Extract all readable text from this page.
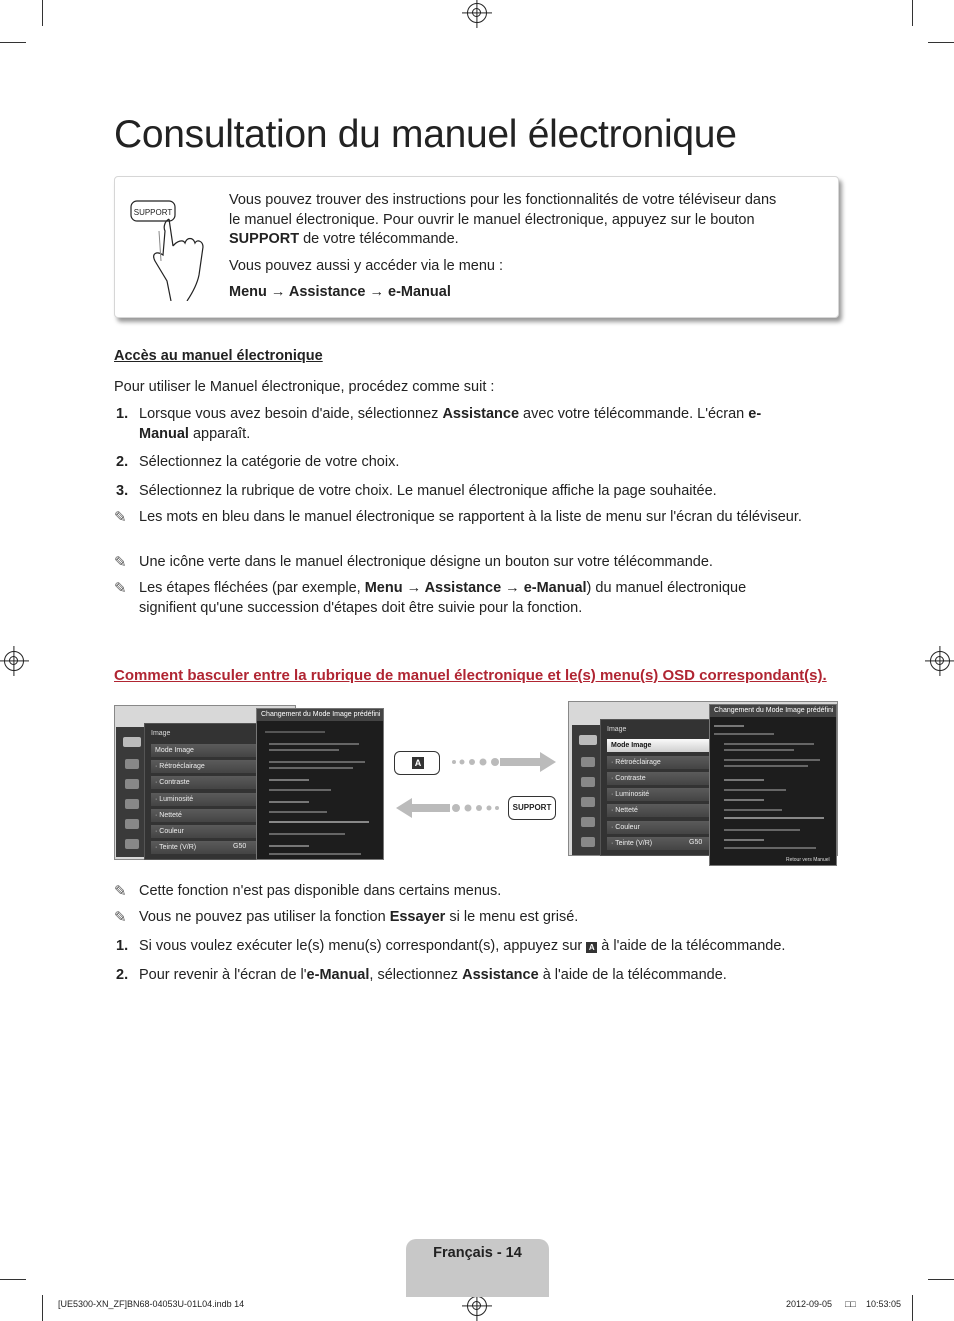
Consultation du manuel électronique
SUPPORT

Vous pouvez trouver des instructions pour les fonctionnalités de votre téléviseur dans le manuel électronique. Pour ouvrir le manuel électronique, appuyez sur le bouton SUPPORT de votre télécommande.

Vous pouvez aussi y accéder via le menu :

Menu → Assistance → e-Manual

Accès au manuel électronique
Pour utiliser le Manuel électronique, procédez comme suit :
1. Lorsque vous avez besoin d'aide, sélectionnez Assistance avec votre télécommande. L'écran e-Manual apparaît.
2. Sélectionnez la catégorie de votre choix.
3. Sélectionnez la rubrique de votre choix. Le manuel électronique affiche la page souhaitée.
✎ Les mots en bleu dans le manuel électronique se rapportent à la liste de menu sur l'écran du téléviseur.
✎ Une icône verte dans le manuel électronique désigne un bouton sur votre télécommande.
✎ Les étapes fléchées (par exemple, Menu → Assistance → e-Manual) du manuel électronique signifient qu'une succession d'étapes doit être suivie pour la fonction.
Comment basculer entre la rubrique de manuel électronique et le(s) menu(s) OSD correspondant(s).
Image
Mode Image
· Rétroéclairage
· Contraste
· Luminosité
· Netteté
· Couleur
· Teinte (V/R)	G50
Changement du Mode Image prédéfini
A
SUPPORT
Image
Mode Image
· Rétroéclairage
· Contraste
· Luminosité
· Netteté
· Couleur
· Teinte (V/R)	G50
Changement du Mode Image prédéfini
Retour vers Manuel
✎ Cette fonction n'est pas disponible dans certains menus.
✎ Vous ne pouvez pas utiliser la fonction Essayer si le menu est grisé.
1. Si vous voulez exécuter le(s) menu(s) correspondant(s), appuyez sur A à l'aide de la télécommande.
2. Pour revenir à l'écran de l'e-Manual, sélectionnez Assistance à l'aide de la télécommande.
Français - 14
[UE5300-XN_ZF]BN68-04053U-01L04.indb 14	2012-09-05 □□ 10:53:05
